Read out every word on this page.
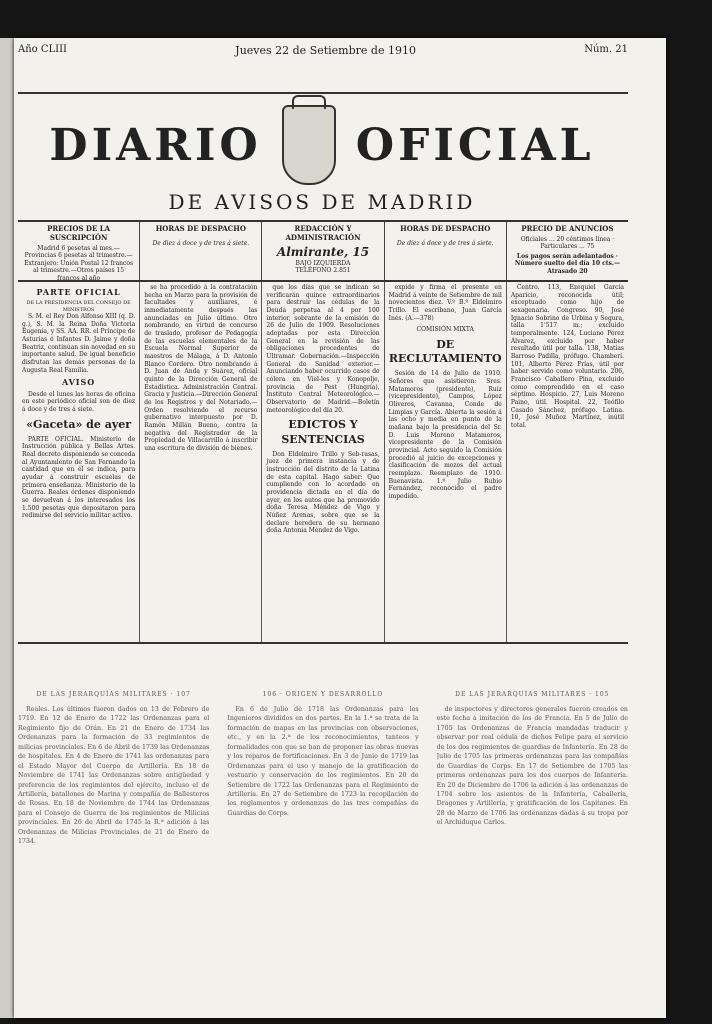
Año CLIII	Jueves 22 de Setiembre de 1910	Núm. 21
DIARIO OFICIAL
DE AVISOS DE MADRID
PRECIOS DE LA SUSCRIPCIÓN
Madrid 6 pesetas al mes.—Provincias 6 pesetas al trimestre.—Extranjero: Unión Postal 12 francos al trimestre.—Otros países 15 francos al año
HORAS DE DESPACHO
De diez á doce y de tres á siete.
REDACCIÓN Y ADMINISTRACIÓN
Almirante, 15
BAJO IZQUIERDA
TELÉFONO 2.851
HORAS DE DESPACHO
De diez á doce y de tres á siete.
PRECIO DE ANUNCIOS
Oficiales ... 20 céntimos línea · Particulares ... 75
Los pagos serán adelantados · Número suelto del día 10 cts.—Atrasado 20
PARTE OFICIAL
DE LA PRESIDENCIA DEL CONSEJO DE MINISTROS

S. M. el Rey Don Alfonso XIII (q. D. g.), S. M. la Reina Doña Victoria Eugenia, y SS. AA. RR. el Príncipe de Asturias é Infantes D. Jaime y doña Beatriz, continúan sin novedad en su importante salud. De igual beneficio disfrutan las demás personas de la Augusta Real Familia.

AVISO

Desde el lunes las horas de oficina en este periódico oficial son de diez á doce y de tres á siete.

«Gaceta» de ayer

PARTE OFICIAL. Ministerio de Instrucción pública y Bellas Artes. Real decreto disponiendo se conceda al Ayuntamiento de San Fernando la cantidad que en él se indica, para ayudar á construir escuelas de primera enseñanza. Ministerio de la Guerra. Reales órdenes disponiendo se devuelvan á los interesados los 1.500 pesetas que depositaron para redimirse del servicio militar activo.

se ha procedido á la contratación hecha en Marzo para la provisión de facultades y auxiliares, é inmediatamente después las anunciadas en Julio último. Otro nombrando, en virtud de concurso de traslado, profesor de Pedagogía de las escuelas elementales de la Escuela Normal Superior de maestros de Málaga, á D. Antonio Blanco Cordero. Otro nombrando á D. Juan de Anda y Suárez, oficial quinto de la Dirección General de Estadística. Administración Central. Gracia y Justicia.—Dirección General de los Registros y del Notariado.—Orden resolviendo el recurso gubernativo interpuesto por D. Ramón Millán Bueno, contra la negativa del Registrador de la Propiedad de Villacarrillo á inscribir una escritura de división de bienes.

que los días que se indican se verificarán quince extraordinarios para destruir las cédulas de la Deuda perpetua al 4 por 100 interior, sobrante de la emisión de 26 de Julio de 1909. Resoluciones adoptadas por esta Dirección General en la revisión de las obligaciones procedentes de Ultramar. Gobernación.—Inspección General de Sanidad exterior.—Anunciando haber ocurrido casos de cólera en Viel-les y Konopolje, provincia de Pest (Hungría). Instituto Central Meteorológico.—Observatorio de Madrid.—Boletín meteorológico del día 20.

EDICTOS Y SENTENCIAS

Don Eldelmiro Trillo y Seb-rasas, juez de primera instancia y de instrucción del distrito de la Latina de esta capital. Hago saber: Que cumpliendo con lo acordado en providencia dictada en el día de ayer, en los autos que ha promovido doña Teresa Méndez de Vigo y Núñez Arenas, sobre que se la declare heredera de su hermano doña Antonia Méndez de Vigo.

expide y firma el presente en Madrid á veinte de Setiembre de mil novecientos diez. V.º B.º Eldelmiro Trillo. El escribano, Juan García Inés. (A.—378)

COMISIÓN MIXTA
DE RECLUTAMIENTO

Sesión de 14 de Julio de 1910. Señores que asistieron: Sres. Matamoros (presidente), Ruiz (vicepresidente), Campos, López Oliveros, Cavanna, Conde de Limpias y García. Abierta la sesión á las ocho y media en punto de la mañana bajo la presidencia del Sr. D. Luis Moreno Matamoros, vicepresidente de la Comisión provincial. Acto seguido la Comisión procedió al juicio de excepciones y clasificación de mozos del actual reemplazo. Reemplazo de 1910. Buenavista. 1.º Julio Rubio Fernández, reconocido el padre impedido.

Centro. 113, Ezequiel García Aparicio, reconocida útil; exceptuado como hijo de sexagenaria. Congreso. 90, José Ignacio Sobrino de Urbina y Segura, talla 1'517 m.; excluido temporalmente. 124, Luciano Pérez Álvarez, excluido por haber resultado útil por talla. 138, Matías Barroso Padilla, prófugo. Chamberí. 101, Alberto Pérez Frías, útil por haber servido como voluntario. 206, Francisco Caballero Pina, excluido como comprendido en el caso séptimo. Hospicio. 27, Luis Moreno Paino, útil. Hospital. 22, Teófilo Casado Sánchez, prófugo. Latina. 10, José Muñoz Martínez, inútil total.

DE LAS JERARQUÍAS MILITARES · 107

Reales. Los últimos fueron dados en 13 de Febrero de 1719. En 12 de Enero de 1722 las Ordenanzas para el Regimiento fijo de Orán. En 21 de Enero de 1734 las Ordenanzas para la formación de 33 regimientos de milicias provinciales. En 6 de Abril de 1739 las Ordenanzas de hospitales. En 4 de Enero de 1741 las ordenanzas para el Estado Mayor del Cuerpo de Artillería. En 18 de Noviembre de 1741 las Ordenanzas sobre antigüedad y preferencia de los regimientos del ejército, incluso el de Artillería, batallones de Marina y compañía de Ballesteros de Rosas. En 18 de Noviembre de 1744 las Ordenanzas para el Consejo de Guerra de los regimientos de Milicias provinciales. En 26 de Abril de 1745 la R.ª adición á las Ordenanzas de Milicias Provinciales de 21 de Enero de 1734.

106 · ORIGEN Y DESARROLLO

En 6 de Julio de 1718 las Ordenanzas para los Ingenieros divididos en dos partes. En la 1.ª se trata de la formación de mapas en las provincias con observaciones, etc., y en la 2.ª de los reconocimientos, tanteos y formalidades con que se han de proponer las obras nuevas y los reparos de fortificaciones. En 3 de Junio de 1719 las Ordenanzas para el uso y manejo de la gratificación de vestuario y conservación de los regimientos. En 20 de Setiembre de 1722 las Ordenanzas para el Regimiento de Artillería. En 27 de Setiembre de 1723 la recopilación de los reglamentos y ordenanzas de las tres compañías de Guardias de Corps.

DE LAS JERARQUÍAS MILITARES · 105

de inspectores y directores generales fueron creados en este fecha á imitación de los de Francia. En 5 de Julio de 1705 las Ordenanzas de Francia mandadas traducir y observar por real cédula de dichos Felipe para el servicio de los dos regimientos de guardias de Infantería. En 28 de Julio de 1705 las primeras ordenanzas para las compañías de Guardias de Corps. En 17 de Setiembre de 1705 las primeras ordenanzas para los dos cuerpos de Infantería. En 20 de Diciembre de 1706 la adición á las ordenanzas de 1704 sobre los asientos de la Infantería, Caballería, Dragones y Artillería, y gratificación de los Capitanes. En 28 de Marzo de 1706 las ordenanzas dadas á su tropa por el Archiduque Carlos.
